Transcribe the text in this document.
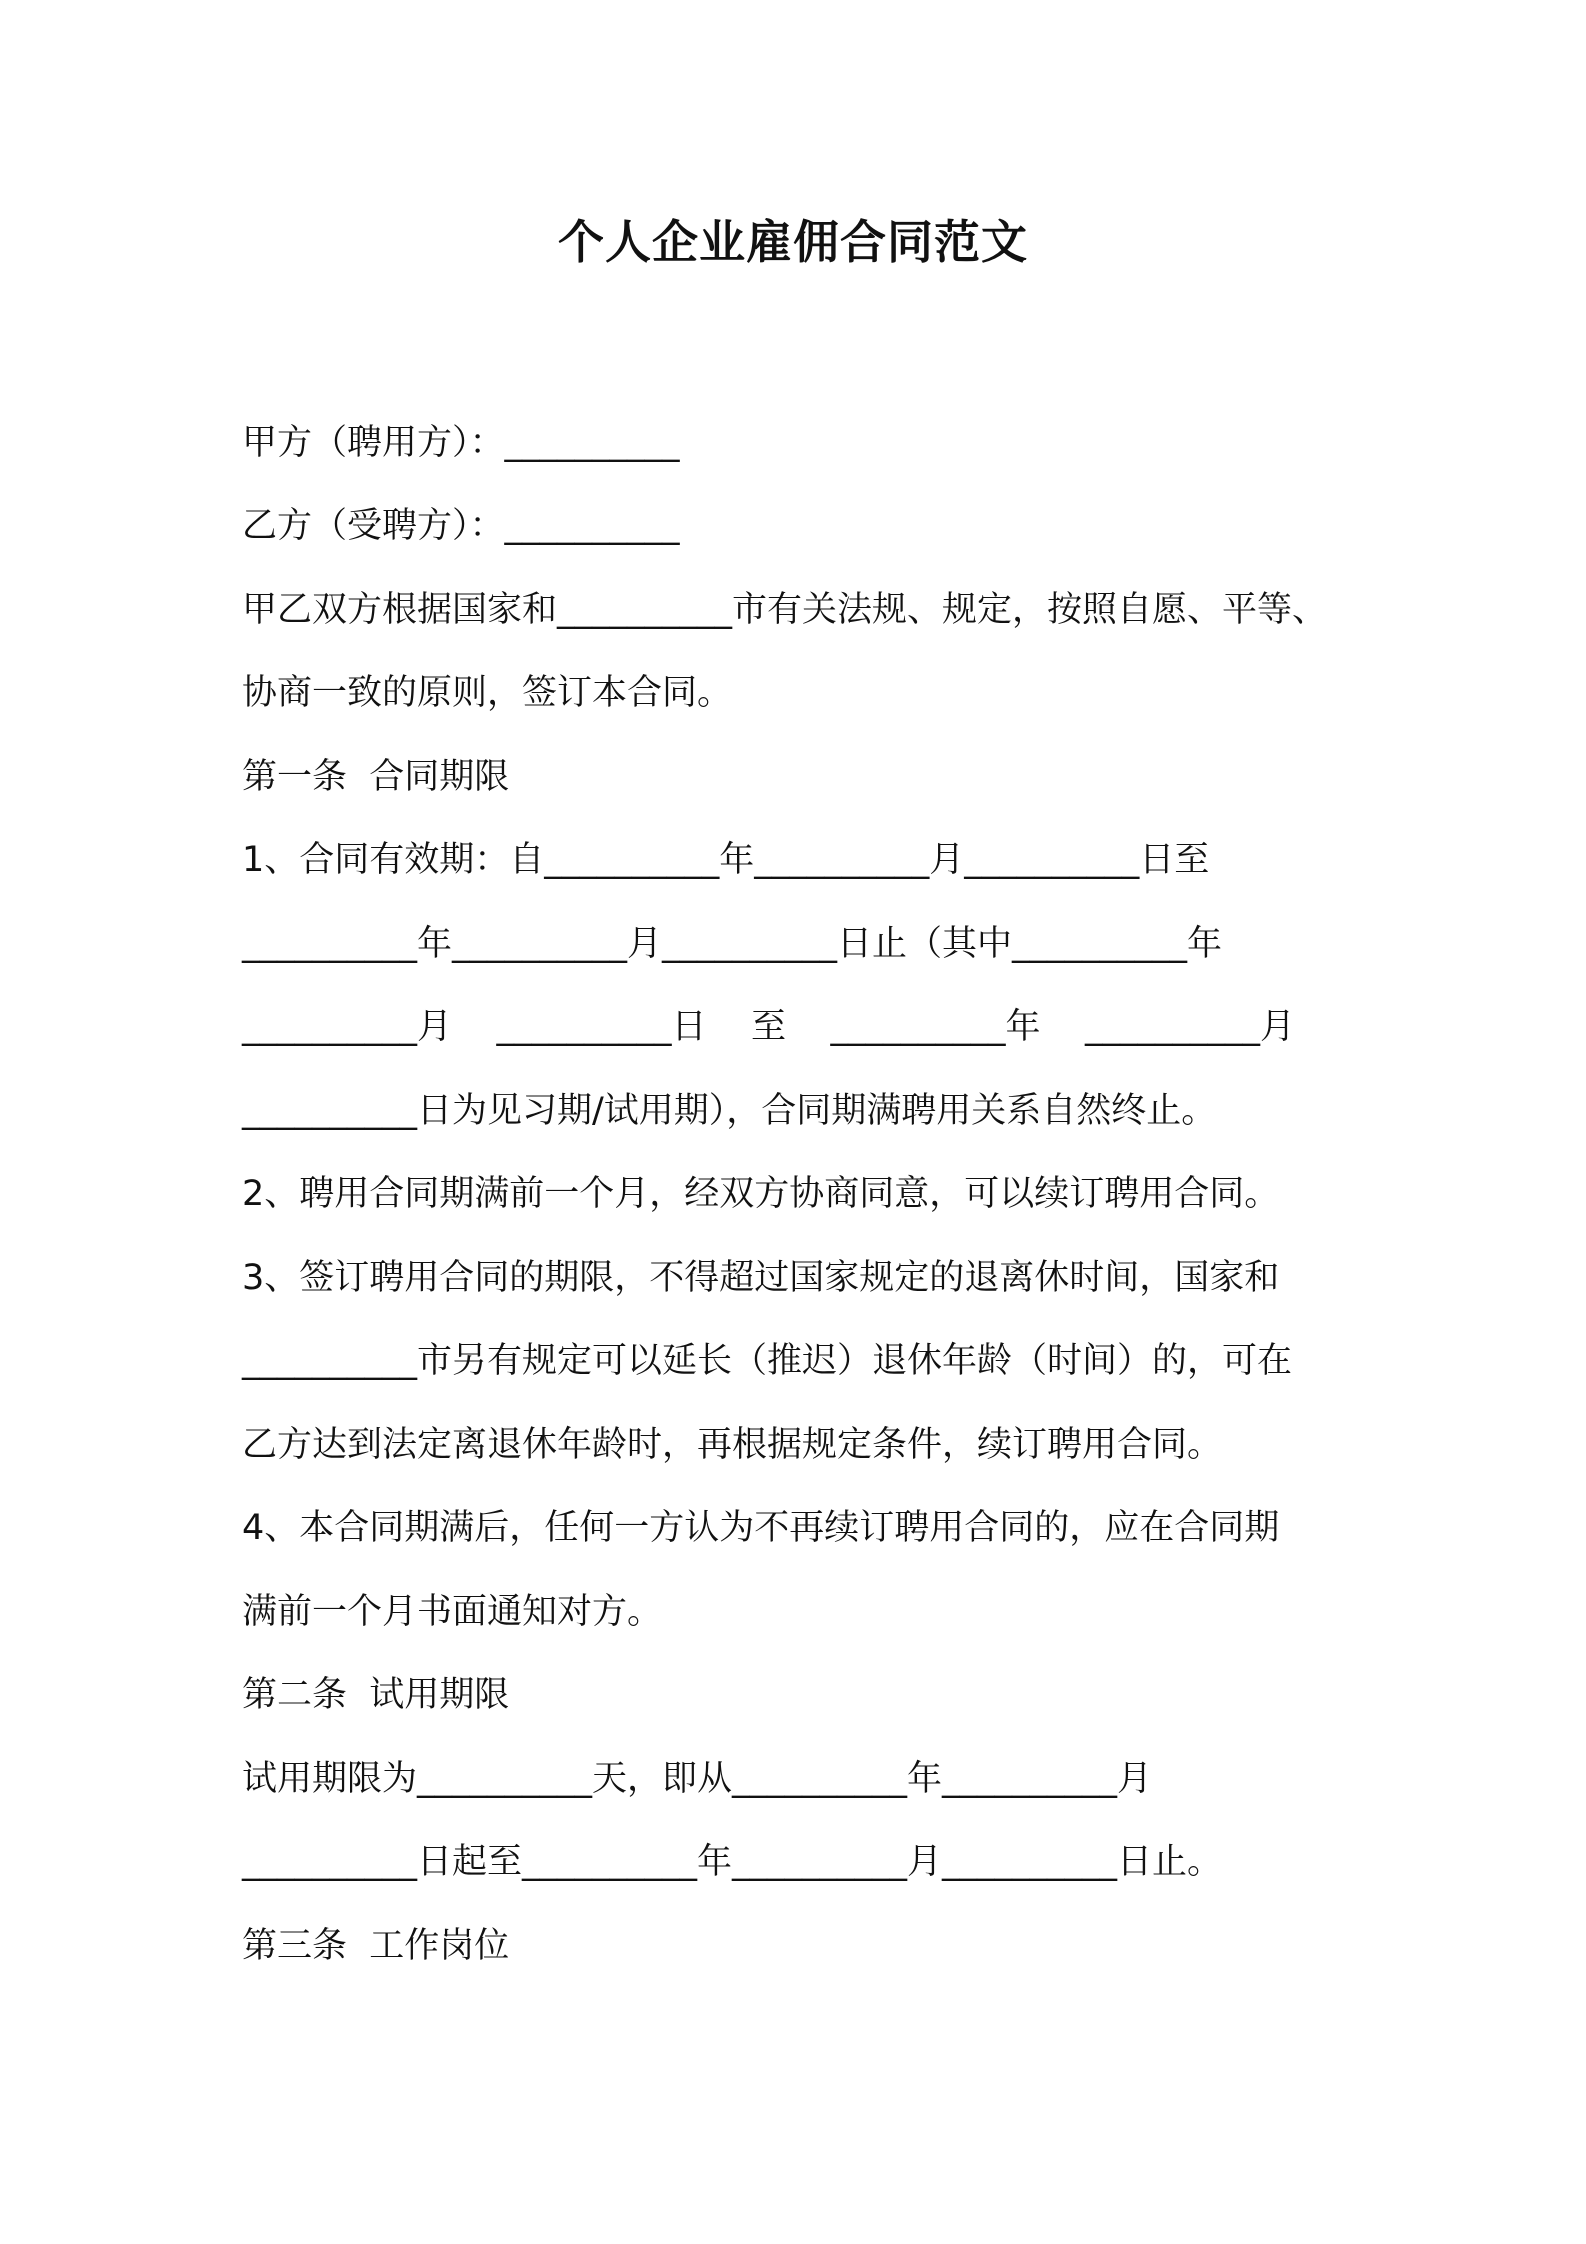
个人企业雇佣合同范文
甲方（聘用方）：__________
乙方（受聘方）：__________
甲乙双方根据国家和__________市有关法规、规定，按照自愿、平等、
协商一致的原则，签订本合同。
第一条  合同期限
1、合同有效期：自__________年__________月__________日至
__________年__________月__________日止（其中__________年
__________月    __________日    至    __________年    __________月
__________日为见习期/试用期），合同期满聘用关系自然终止。
2、聘用合同期满前一个月，经双方协商同意，可以续订聘用合同。
3、签订聘用合同的期限，不得超过国家规定的退离休时间，国家和
__________市另有规定可以延长（推迟）退休年龄（时间）的，可在
乙方达到法定离退休年龄时，再根据规定条件，续订聘用合同。
4、本合同期满后，任何一方认为不再续订聘用合同的，应在合同期
满前一个月书面通知对方。
第二条  试用期限
试用期限为__________天，即从__________年__________月
__________日起至__________年__________月__________日止。
第三条  工作岗位
